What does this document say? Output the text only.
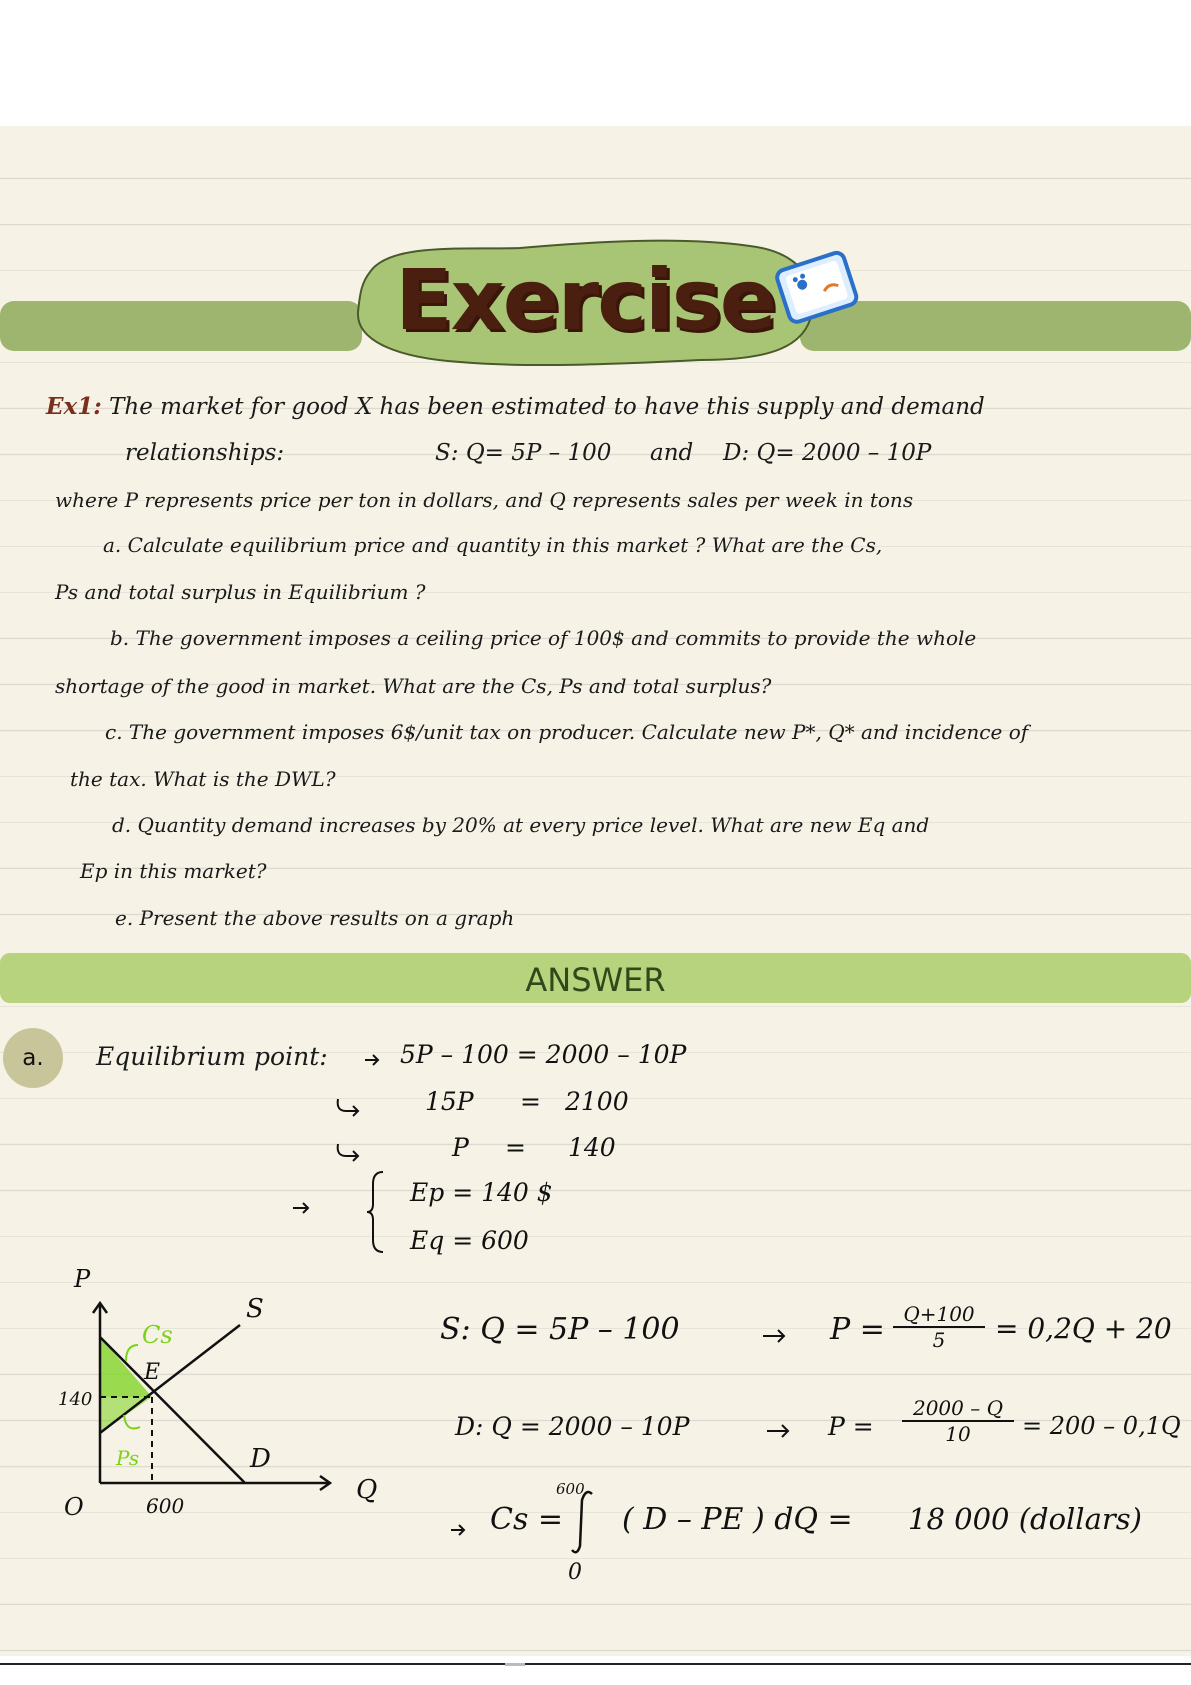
Exercise
Ex1: The market for good X has been estimated to have this supply and demand
relationships:	S: Q= 5P – 100 and D: Q= 2000 – 10P
where P represents price per ton in dollars, and Q represents sales per week in tons
a. Calculate equilibrium price and quantity in this market ? What are the Cs,
Ps and total surplus in Equilibrium ?
b. The government imposes a ceiling price of 100$ and commits to provide the whole
shortage of the good in market. What are the Cs, Ps and total surplus?
c. The government imposes 6$/unit tax on producer. Calculate new P*, Q* and incidence of
the tax. What is the DWL?
d. Quantity demand increases by 20% at every price level. What are new Eq and
Ep in this market?
e. Present the above results on a graph
ANSWER
a.	Equilibrium point:	5P – 100 = 2000 – 10P
15P = 2100
P = 140
Ep = 140 $
Eq = 600
P
Q
O
140
600
S
D
E
Cs
Ps
S: Q = 5P – 100	$P = \frac{Q+100}{5} = 0,2Q + 20$
D: Q = 2000 – 10P	$P = \frac{2000 - Q}{10} = 200 - 0,1Q$
Cs =
600
0
( D – PE ) dQ = 18 000 (dollars)
